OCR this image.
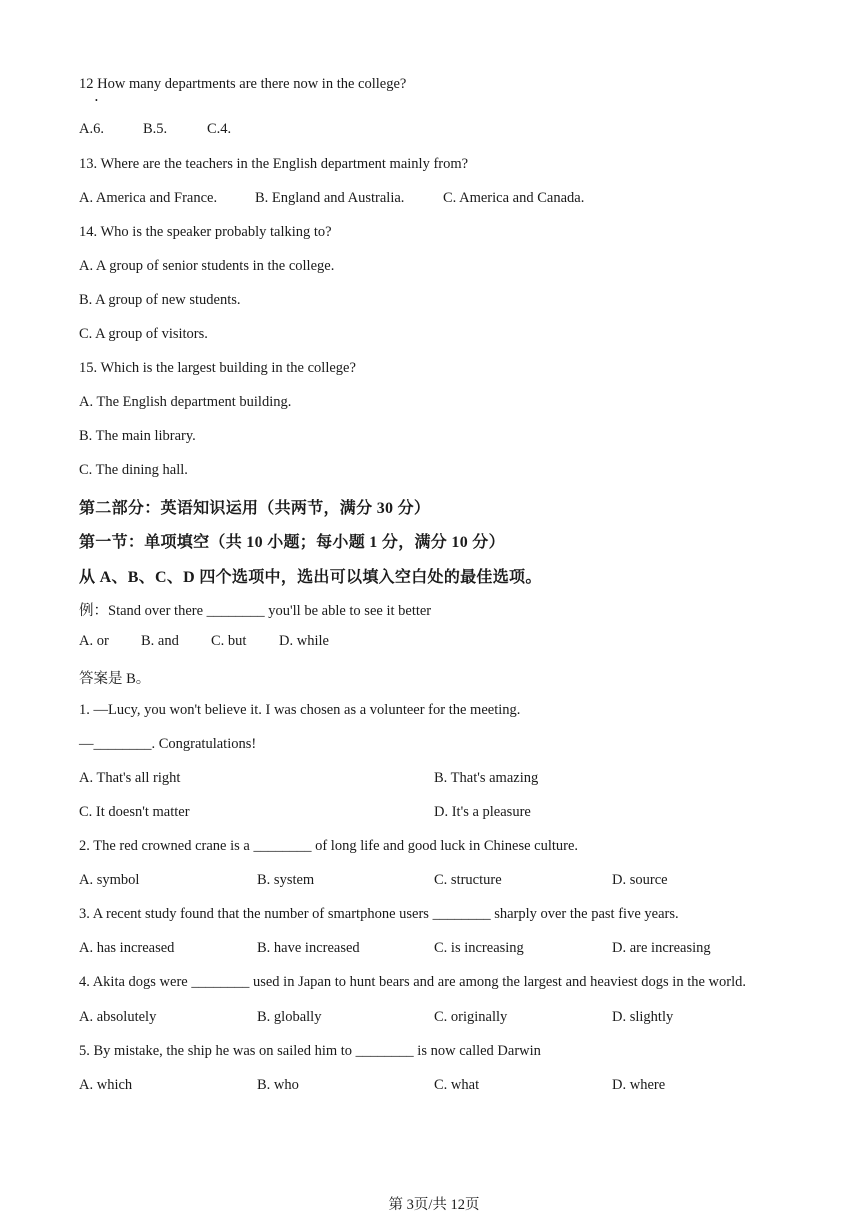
12 How many departments are there now in the college?
•
A.6.	B.5.	C.4.
13. Where are the teachers in the English department mainly from?
A. America and France.	B. England and Australia.	C. America and Canada.
14. Who is the speaker probably talking to?
A. A group of senior students in the college.
B. A group of new students.
C. A group of visitors.
15. Which is the largest building in the college?
A. The English department building.
B. The main library.
C. The dining hall.
第二部分：英语知识运用（共两节，满分 30 分）
第一节：单项填空（共 10 小题；每小题 1 分，满分 10 分）
从 A、B、C、D 四个选项中，选出可以填入空白处的最佳选项。
例：Stand over there ________ you'll be able to see it better
A. or B. and C. but D. while
答案是 B。
1. —Lucy, you won't believe it. I was chosen as a volunteer for the meeting.
—________. Congratulations!
A. That's all right	B. That's amazing
C. It doesn't matter	D. It's a pleasure
2. The red crowned crane is a ________ of long life and good luck in Chinese culture.
A. symbol	B. system	C. structure	D. source
3. A recent study found that the number of smartphone users ________ sharply over the past five years.
A. has increased	B. have increased	C. is increasing	D. are increasing
4. Akita dogs were ________ used in Japan to hunt bears and are among the largest and heaviest dogs in the world.
A. absolutely	B. globally	C. originally	D. slightly
5. By mistake, the ship he was on sailed him to ________ is now called Darwin
A. which	B. who	C. what	D. where
第 3页/共 12页
